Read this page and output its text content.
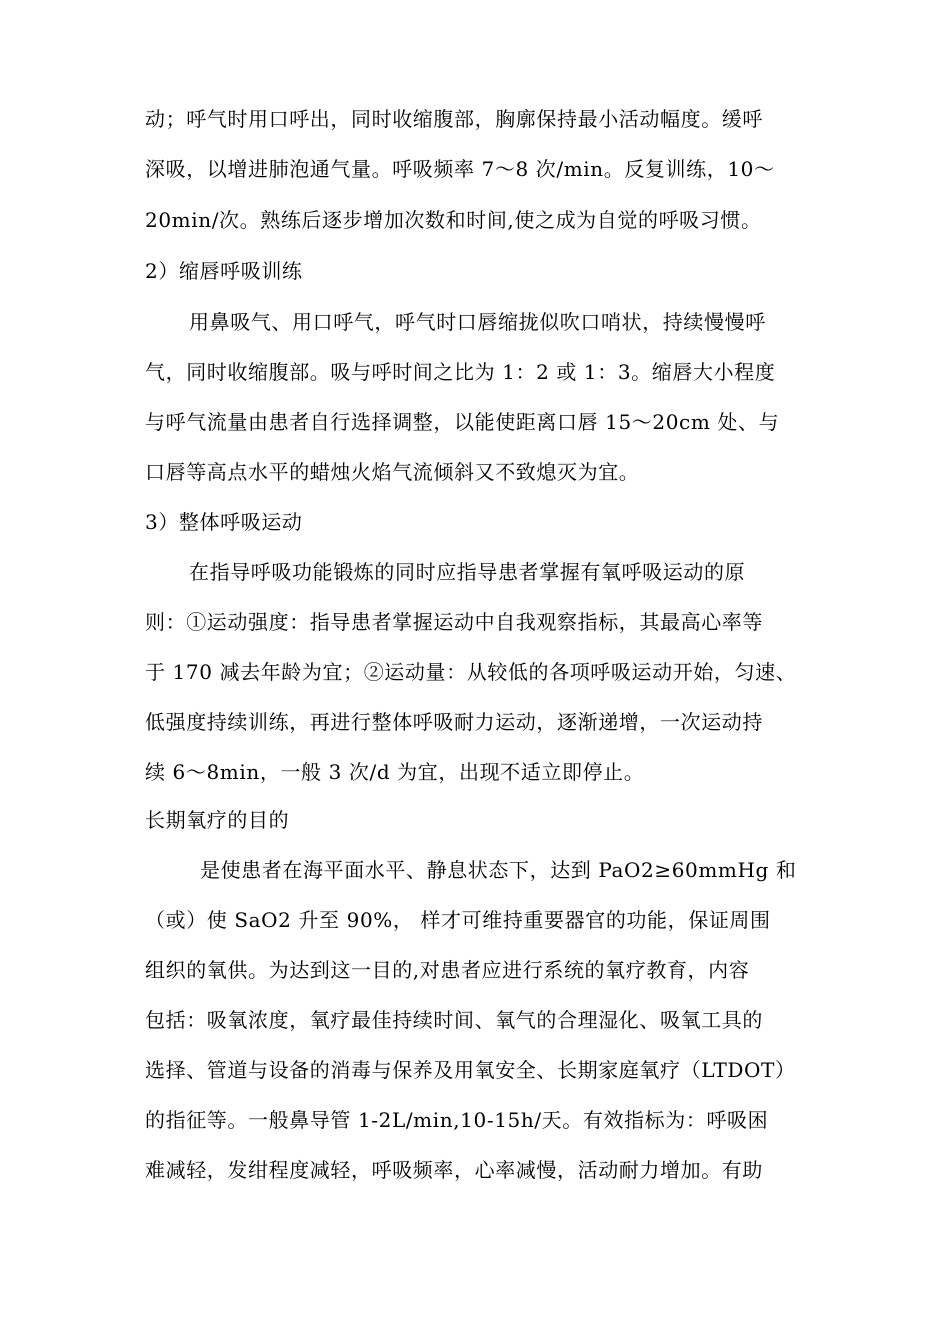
动；呼气时用口呼出，同时收缩腹部，胸廓保持最小活动幅度。缓呼
深吸，以增进肺泡通气量。呼吸频率 7～8 次/min。反复训练，10～
20min/次。熟练后逐步增加次数和时间,使之成为自觉的呼吸习惯。
2）缩唇呼吸训练
用鼻吸气、用口呼气，呼气时口唇缩拢似吹口哨状，持续慢慢呼
气，同时收缩腹部。吸与呼时间之比为 1：2 或 1：3。缩唇大小程度
与呼气流量由患者自行选择调整，以能使距离口唇 15～20cm 处、与
口唇等高点水平的蜡烛火焰气流倾斜又不致熄灭为宜。
3）整体呼吸运动
在指导呼吸功能锻炼的同时应指导患者掌握有氧呼吸运动的原
则：①运动强度：指导患者掌握运动中自我观察指标，其最高心率等
于 170 减去年龄为宜；②运动量：从较低的各项呼吸运动开始，匀速、
低强度持续训练，再进行整体呼吸耐力运动，逐渐递增，一次运动持
续 6～8min，一般 3 次/d 为宜，出现不适立即停止。
长期氧疗的目的
是使患者在海平面水平、静息状态下，达到 PaO2≥60mmHg 和
（或）使 SaO2 升至 90%， 样才可维持重要器官的功能，保证周围
组织的氧供。为达到这一目的,对患者应进行系统的氧疗教育，内容
包括：吸氧浓度，氧疗最佳持续时间、氧气的合理湿化、吸氧工具的
选择、管道与设备的消毒与保养及用氧安全、长期家庭氧疗（LTDOT）
的指征等。一般鼻导管 1-2L/min,10-15h/天。有效指标为：呼吸困
难减轻，发绀程度减轻，呼吸频率，心率减慢，活动耐力增加。有助
